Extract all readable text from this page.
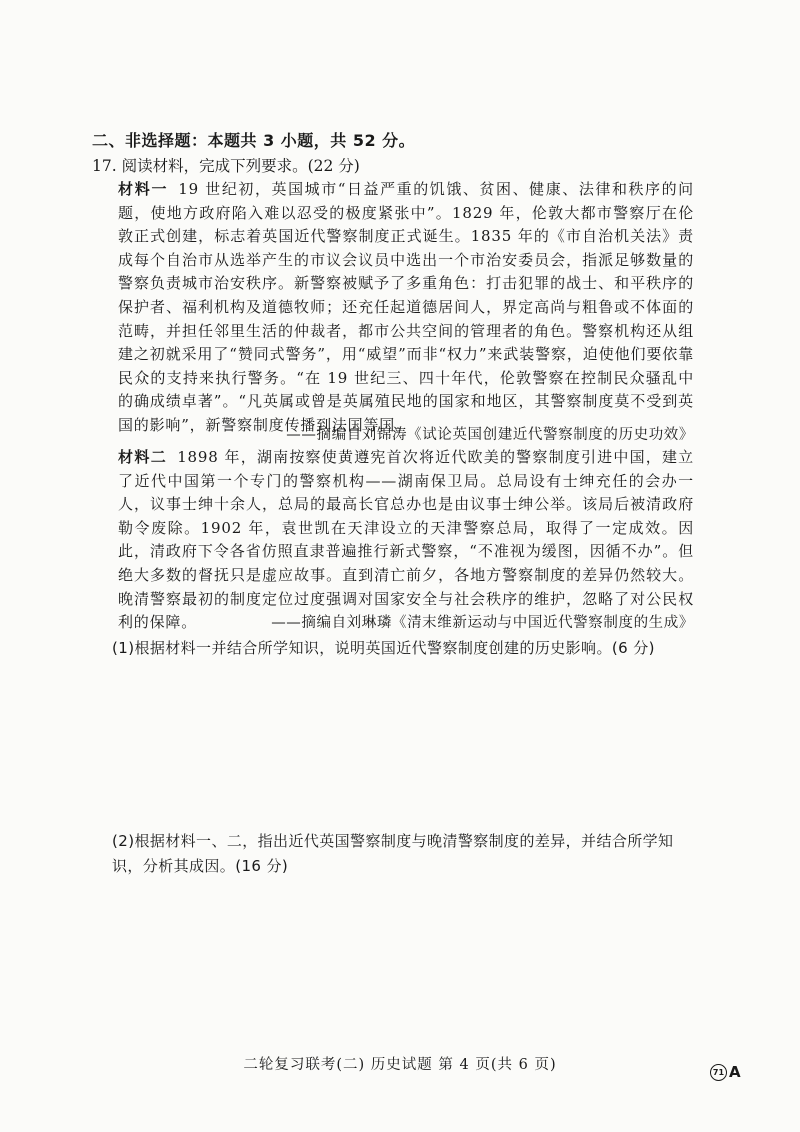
二、非选择题：本题共 3 小题，共 52 分。
17. 阅读材料，完成下列要求。(22 分)
材料一 19 世纪初，英国城市“日益严重的饥饿、贫困、健康、法律和秩序的问题，使地方政府陷入难以忍受的极度紧张中”。1829 年，伦敦大都市警察厅在伦敦正式创建，标志着英国近代警察制度正式诞生。1835 年的《市自治机关法》责成每个自治市从选举产生的市议会议员中选出一个市治安委员会，指派足够数量的警察负责城市治安秩序。新警察被赋予了多重角色：打击犯罪的战士、和平秩序的保护者、福利机构及道德牧师；还充任起道德居间人，界定高尚与粗鲁或不体面的范畴，并担任邻里生活的仲裁者，都市公共空间的管理者的角色。警察机构还从组建之初就采用了“赞同式警务”，用“威望”而非“权力”来武装警察，迫使他们要依靠民众的支持来执行警务。“在 19 世纪三、四十年代，伦敦警察在控制民众骚乱中的确成绩卓著”。“凡英属或曾是英属殖民地的国家和地区，其警察制度莫不受到英国的影响”，新警察制度传播到法国等国。
——摘编自刘锦涛《试论英国创建近代警察制度的历史功效》
材料二 1898 年，湖南按察使黄遵宪首次将近代欧美的警察制度引进中国，建立了近代中国第一个专门的警察机构——湖南保卫局。总局设有士绅充任的会办一人，议事士绅十余人，总局的最高长官总办也是由议事士绅公举。该局后被清政府勒令废除。1902 年，袁世凯在天津设立的天津警察总局，取得了一定成效。因此，清政府下令各省仿照直隶普遍推行新式警察，“不准视为缓图，因循不办”。但绝大多数的督抚只是虚应故事。直到清亡前夕，各地方警察制度的差异仍然较大。晚清警察最初的制度定位过度强调对国家安全与社会秩序的维护，忽略了对公民权利的保障。	——摘编自刘琳璘《清末维新运动与中国近代警察制度的生成》
(1)根据材料一并结合所学知识，说明英国近代警察制度创建的历史影响。(6 分)
(2)根据材料一、二，指出近代英国警察制度与晚清警察制度的差异，并结合所学知识，分析其成因。(16 分)
二轮复习联考(二) 历史试题 第 4 页(共 6 页)	71 A
